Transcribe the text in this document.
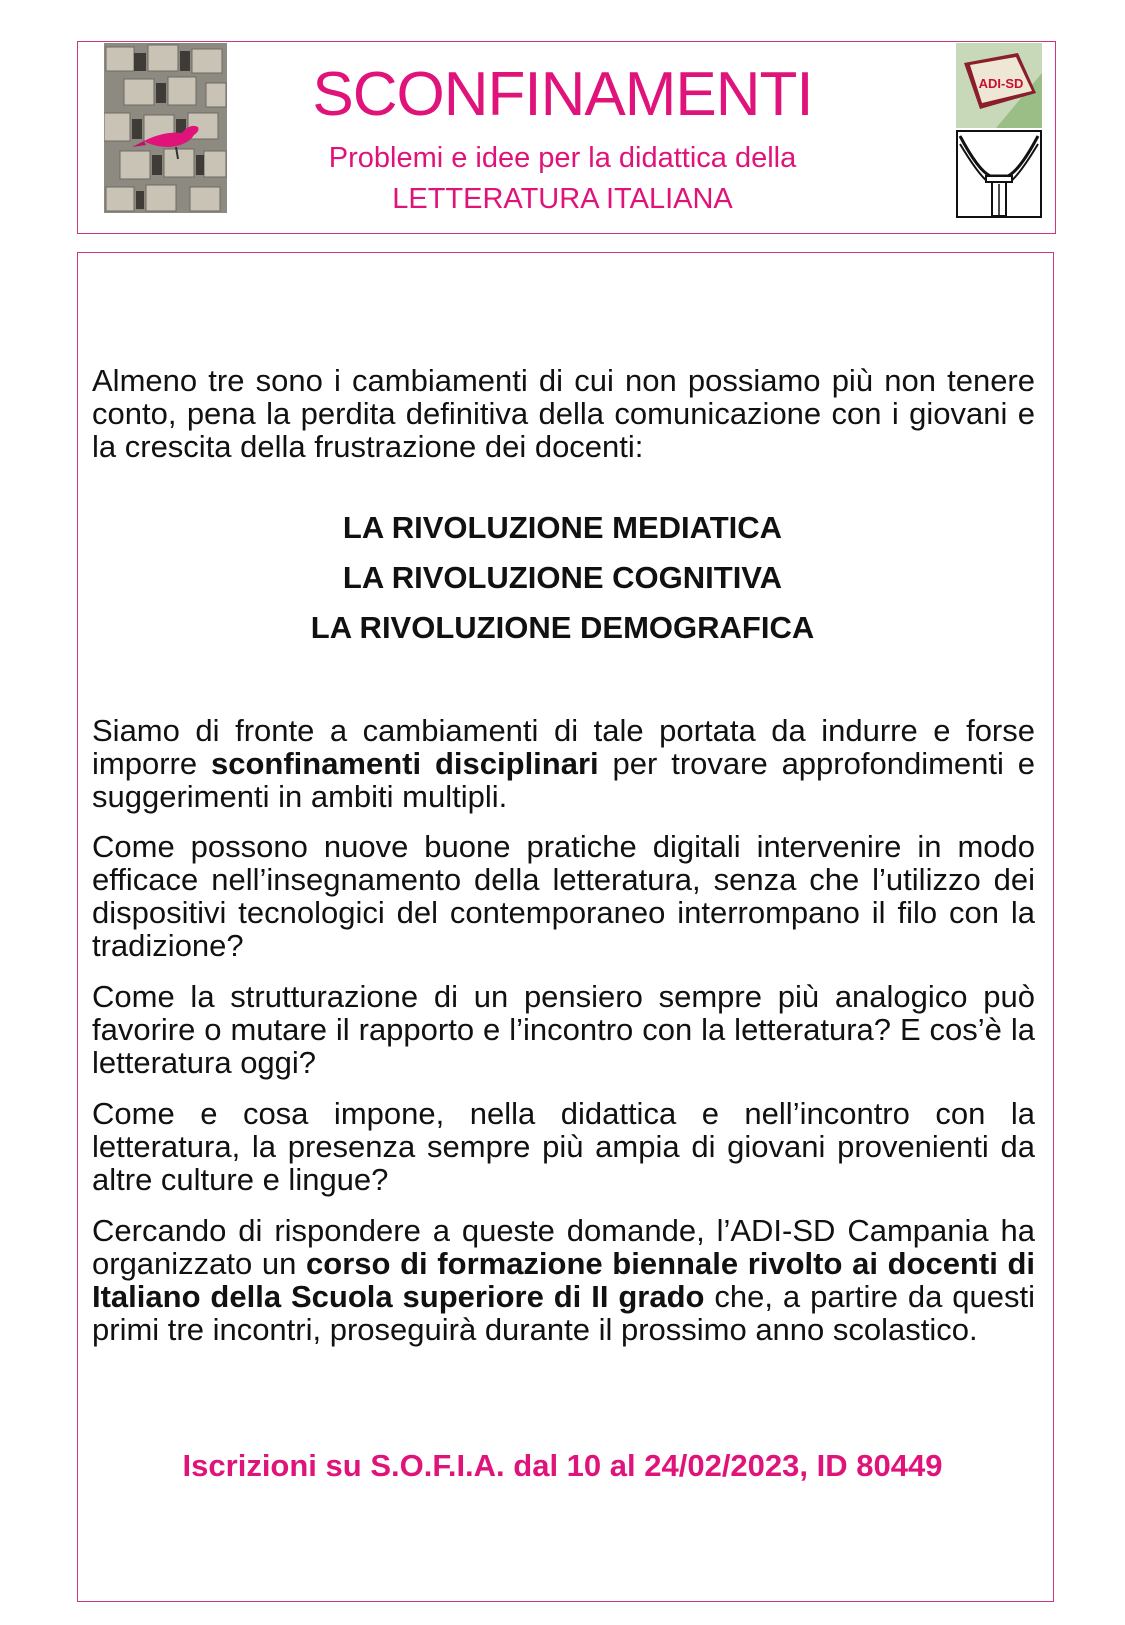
SCONFINAMENTI
Problemi e idee per la didattica della
LETTERATURA ITALIANA
ADI-SD

Almeno tre sono i cambiamenti di cui non possiamo più non tenere conto, pena la perdita definitiva della comunicazione con i giovani e la crescita della frustrazione dei docenti:

LA RIVOLUZIONE MEDIATICA
LA RIVOLUZIONE COGNITIVA
LA RIVOLUZIONE DEMOGRAFICA

Siamo di fronte a cambiamenti di tale portata da indurre e forse imporre sconfinamenti disciplinari per trovare approfondimenti e suggerimenti in ambiti multipli.

Come possono nuove buone pratiche digitali intervenire in modo efficace nell’insegnamento della letteratura, senza che l’utilizzo dei dispositivi tecnologici del contemporaneo interrompano il filo con la tradizione?

Come la strutturazione di un pensiero sempre più analogico può favorire o mutare il rapporto e l’incontro con la letteratura? E cos’è la letteratura oggi?

Come e cosa impone, nella didattica e nell’incontro con la letteratura, la presenza sempre più ampia di giovani provenienti da altre culture e lingue?

Cercando di rispondere a queste domande, l’ADI-SD Campania ha organizzato un corso di formazione biennale rivolto ai docenti di Italiano della Scuola superiore di II grado che, a partire da questi primi tre incontri, proseguirà durante il prossimo anno scolastico.

Iscrizioni su S.O.F.I.A. dal 10 al 24/02/2023, ID 80449
